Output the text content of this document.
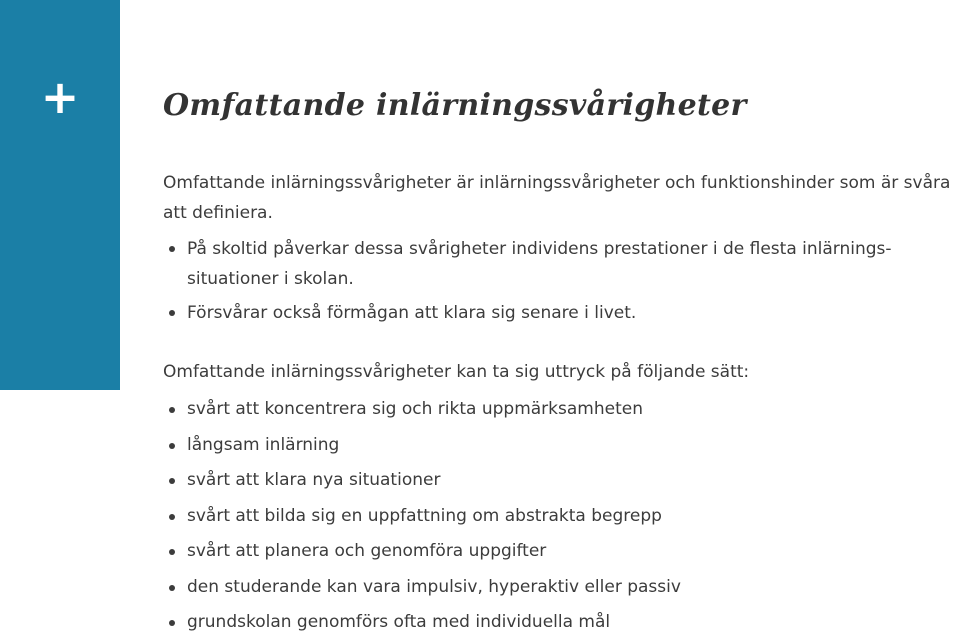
+	Omfattande inlärningssvårigheter

Omfattande inlärningssvårigheter är inlärningssvårigheter och funktionshinder som är svåra att definiera.

På skoltid påverkar dessa svårigheter individens prestationer i de flesta inlärnings-situationer i skolan.
Försvårar också förmågan att klara sig senare i livet.

Omfattande inlärningssvårigheter kan ta sig uttryck på följande sätt:

svårt att koncentrera sig och rikta uppmärksamheten
långsam inlärning
svårt att klara nya situationer
svårt att bilda sig en uppfattning om abstrakta begrepp
svårt att planera och genomföra uppgifter
den studerande kan vara impulsiv, hyperaktiv eller passiv
grundskolan genomförs ofta med individuella mål
